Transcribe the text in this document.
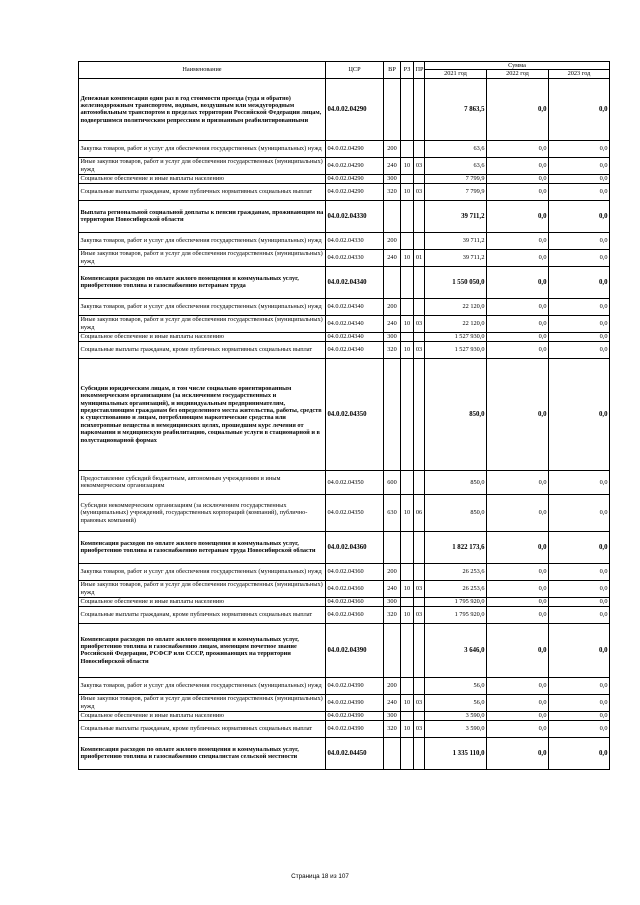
Наименование	ЦСР	ВР	РЗ	ПР	Сумма		
					2021 год	2022 год	2023 год
Денежная компенсация один раз в год стоимости проезда (туда и обратно) железнодорожным транспортом, водным, воздушным или междугородным автомобильным транспортом в пределах территории Российской Федерации лицам, подвергшимся политическим репрессиям и признанным реабилитированными	04.0.02.04290				7 863,5	0,0	0,0
Закупка товаров, работ и услуг для обеспечения государственных (муниципальных) нужд	04.0.02.04290	200			63,6	0,0	0,0
Иные закупки товаров, работ и услуг для обеспечения государственных (муниципальных) нужд	04.0.02.04290	240	10	03	63,6	0,0	0,0
Социальное обеспечение и иные выплаты населению	04.0.02.04290	300			7 799,9	0,0	0,0
Социальные выплаты гражданам, кроме публичных нормативных социальных выплат	04.0.02.04290	320	10	03	7 799,9	0,0	0,0
Выплата региональной социальной доплаты к пенсии гражданам, проживающим на территории Новосибирской области	04.0.02.04330				39 711,2	0,0	0,0
Закупка товаров, работ и услуг для обеспечения государственных (муниципальных) нужд	04.0.02.04330	200			39 711,2	0,0	0,0
Иные закупки товаров, работ и услуг для обеспечения государственных (муниципальных) нужд	04.0.02.04330	240	10	01	39 711,2	0,0	0,0
Компенсация расходов по оплате жилого помещения и коммунальных услуг, приобретению топлива и газоснабжению ветеранам труда	04.0.02.04340				1 550 050,0	0,0	0,0
Закупка товаров, работ и услуг для обеспечения государственных (муниципальных) нужд	04.0.02.04340	200			22 120,0	0,0	0,0
Иные закупки товаров, работ и услуг для обеспечения государственных (муниципальных) нужд	04.0.02.04340	240	10	03	22 120,0	0,0	0,0
Социальное обеспечение и иные выплаты населению	04.0.02.04340	300			1 527 930,0	0,0	0,0
Социальные выплаты гражданам, кроме публичных нормативных социальных выплат	04.0.02.04340	320	10	03	1 527 930,0	0,0	0,0
Субсидии юридическим лицам, в том числе социально ориентированным некоммерческим организациям (за исключением государственных и муниципальных организаций), и индивидуальным предпринимателям, предоставляющим гражданам без определенного места жительства, работы, средств к существованию и лицам, потребляющим наркотические средства или психотропные вещества в немедицинских целях, прошедшим курс лечения от наркомании и медицинскую реабилитацию, социальные услуги в стационарной и в полустационарной формах	04.0.02.04350				850,0	0,0	0,0
Предоставление субсидий бюджетным, автономным учреждениям и иным некоммерческим организациям	04.0.02.04350	600			850,0	0,0	0,0
Субсидии некоммерческим организациям (за исключением государственных (муниципальных) учреждений, государственных корпораций (компаний), публично-правовых компаний)	04.0.02.04350	630	10	06	850,0	0,0	0,0
Компенсация расходов по оплате жилого помещения и коммунальных услуг, приобретению топлива и газоснабжению ветеранам труда Новосибирской области	04.0.02.04360				1 822 173,6	0,0	0,0
Закупка товаров, работ и услуг для обеспечения государственных (муниципальных) нужд	04.0.02.04360	200			26 253,6	0,0	0,0
Иные закупки товаров, работ и услуг для обеспечения государственных (муниципальных) нужд	04.0.02.04360	240	10	03	26 253,6	0,0	0,0
Социальное обеспечение и иные выплаты населению	04.0.02.04360	300			1 795 920,0	0,0	0,0
Социальные выплаты гражданам, кроме публичных нормативных социальных выплат	04.0.02.04360	320	10	03	1 795 920,0	0,0	0,0
Компенсация расходов по оплате жилого помещения и коммунальных услуг, приобретению топлива и газоснабжению лицам, имеющим почетное звание Российской Федерации, РСФСР или СССР, проживающих на территории Новосибирской области	04.0.02.04390				3 646,0	0,0	0,0
Закупка товаров, работ и услуг для обеспечения государственных (муниципальных) нужд	04.0.02.04390	200			56,0	0,0	0,0
Иные закупки товаров, работ и услуг для обеспечения государственных (муниципальных) нужд	04.0.02.04390	240	10	03	56,0	0,0	0,0
Социальное обеспечение и иные выплаты населению	04.0.02.04390	300			3 590,0	0,0	0,0
Социальные выплаты гражданам, кроме публичных нормативных социальных выплат	04.0.02.04390	320	10	03	3 590,0	0,0	0,0
Компенсация расходов по оплате жилого помещения и коммунальных услуг, приобретению топлива и газоснабжению специалистам сельской местности	04.0.02.04450				1 335 110,0	0,0	0,0
Страница 18 из 107
